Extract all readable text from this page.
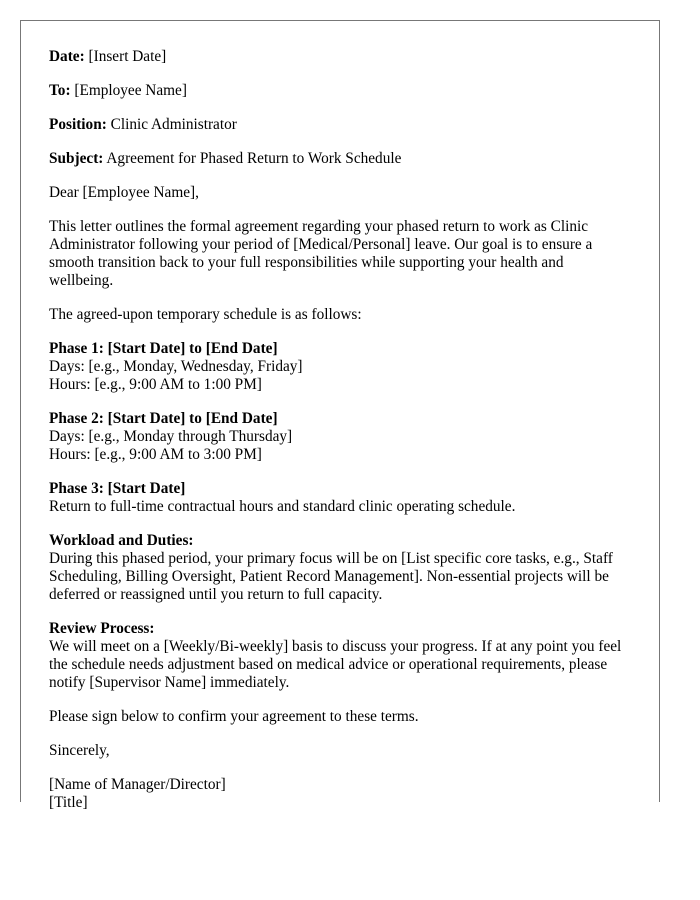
Date: [Insert Date]

To: [Employee Name]

Position: Clinic Administrator

Subject: Agreement for Phased Return to Work Schedule

Dear [Employee Name],

This letter outlines the formal agreement regarding your phased return to work as Clinic Administrator following your period of [Medical/Personal] leave. Our goal is to ensure a smooth transition back to your full responsibilities while supporting your health and wellbeing.

The agreed-upon temporary schedule is as follows:

Phase 1: [Start Date] to [End Date]
Days: [e.g., Monday, Wednesday, Friday]
Hours: [e.g., 9:00 AM to 1:00 PM]

Phase 2: [Start Date] to [End Date]
Days: [e.g., Monday through Thursday]
Hours: [e.g., 9:00 AM to 3:00 PM]

Phase 3: [Start Date]
Return to full-time contractual hours and standard clinic operating schedule.

Workload and Duties:
During this phased period, your primary focus will be on [List specific core tasks, e.g., Staff Scheduling, Billing Oversight, Patient Record Management]. Non-essential projects will be deferred or reassigned until you return to full capacity.

Review Process:
We will meet on a [Weekly/Bi-weekly] basis to discuss your progress. If at any point you feel the schedule needs adjustment based on medical advice or operational requirements, please notify [Supervisor Name] immediately.

Please sign below to confirm your agreement to these terms.

Sincerely,

[Name of Manager/Director]
[Title]
